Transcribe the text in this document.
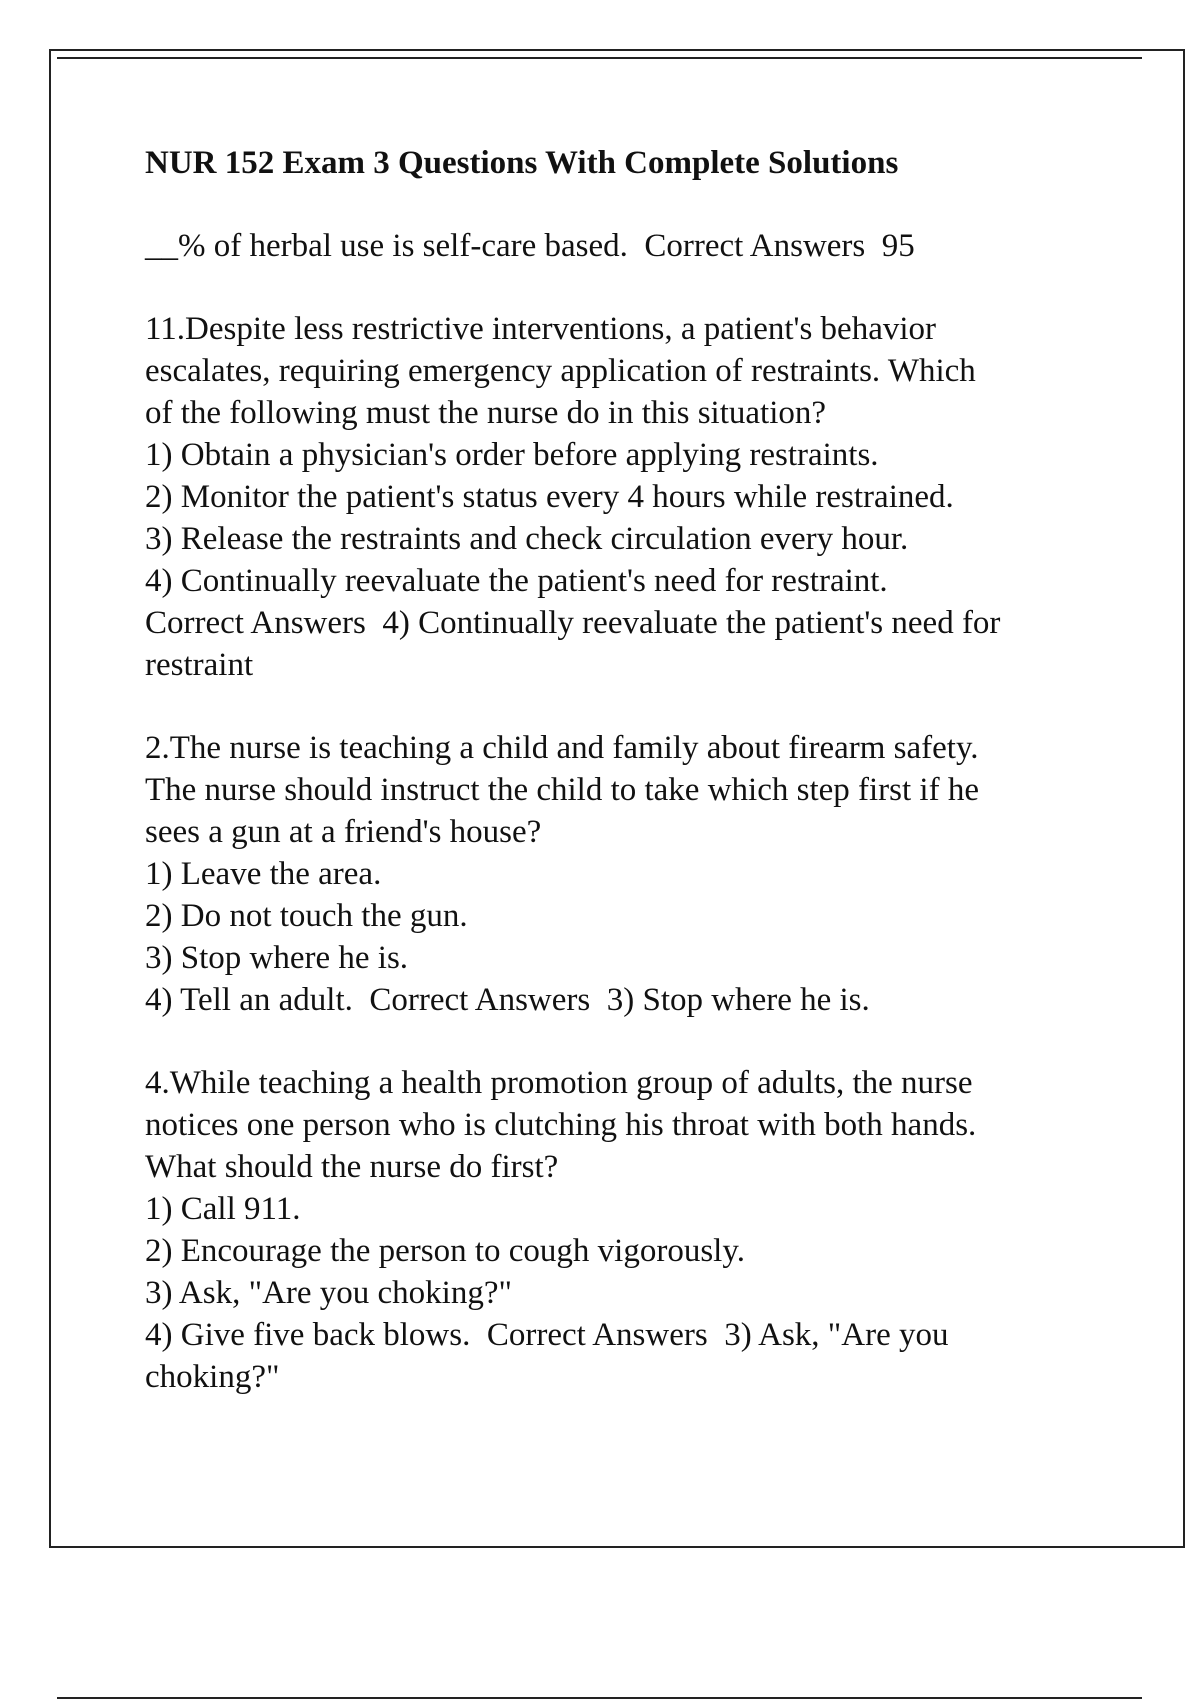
NUR 152 Exam 3 Questions With Complete Solutions
__% of herbal use is self-care based.  Correct Answers  95
11.Despite less restrictive interventions, a patient's behavior
escalates, requiring emergency application of restraints. Which
of the following must the nurse do in this situation?
1) Obtain a physician's order before applying restraints.
2) Monitor the patient's status every 4 hours while restrained.
3) Release the restraints and check circulation every hour.
4) Continually reevaluate the patient's need for restraint.
Correct Answers  4) Continually reevaluate the patient's need for
restraint
2.The nurse is teaching a child and family about firearm safety.
The nurse should instruct the child to take which step first if he
sees a gun at a friend's house?
1) Leave the area.
2) Do not touch the gun.
3) Stop where he is.
4) Tell an adult.  Correct Answers  3) Stop where he is.
4.While teaching a health promotion group of adults, the nurse
notices one person who is clutching his throat with both hands.
What should the nurse do first?
1) Call 911.
2) Encourage the person to cough vigorously.
3) Ask, "Are you choking?"
4) Give five back blows.  Correct Answers  3) Ask, "Are you
choking?"
